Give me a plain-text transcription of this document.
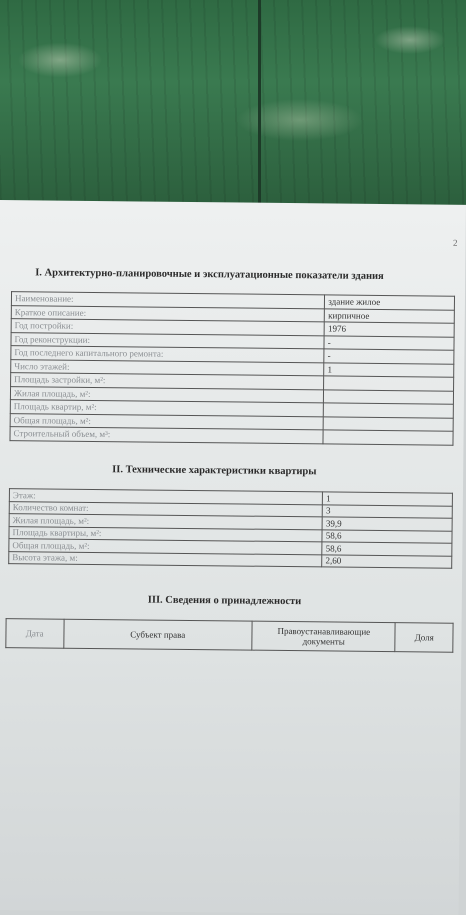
2
I. Архитектурно-планировочные и эксплуатационные показатели здания
Наименование:	здание жилое
Краткое описание:	кирпичное
Год постройки:	1976
Год реконструкции:	-
Год последнего капитального ремонта:	-
Число этажей:	1
Площадь застройки, м²:	
Жилая площадь, м²:	
Площадь квартир, м²:	
Общая площадь, м²:	
Строительный объем, м³:	
II. Технические характеристики квартиры
Этаж:	1
Количество комнат:	3
Жилая площадь, м²:	39,9
Площадь квартиры, м²:	58,6
Общая площадь, м²:	58,6
Высота этажа, м:	2,60
III. Сведения о принадлежности
Дата	Субъект права	Правоустанавливающие документы	Доля
